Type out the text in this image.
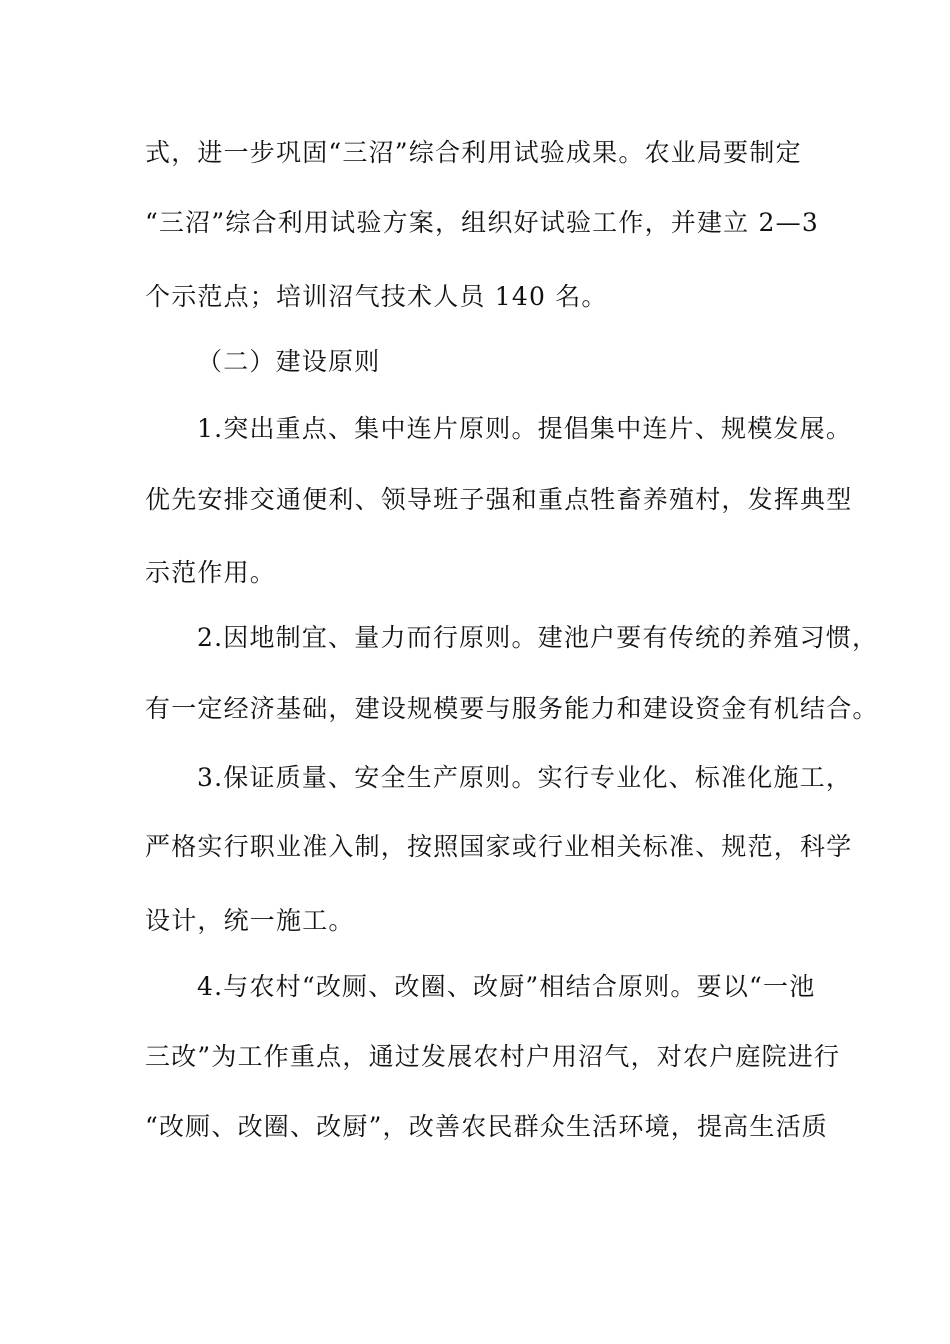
式，进一步巩固“三沼”综合利用试验成果。农业局要制定
“三沼”综合利用试验方案，组织好试验工作，并建立 2—3
个示范点；培训沼气技术人员 140 名。
（二）建设原则
1.突出重点、集中连片原则。提倡集中连片、规模发展。
优先安排交通便利、领导班子强和重点牲畜养殖村，发挥典型
示范作用。
2.因地制宜、量力而行原则。建池户要有传统的养殖习惯，
有一定经济基础，建设规模要与服务能力和建设资金有机结合。
3.保证质量、安全生产原则。实行专业化、标准化施工，
严格实行职业准入制，按照国家或行业相关标准、规范，科学
设计，统一施工。
4.与农村“改厕、改圈、改厨”相结合原则。要以“一池
三改”为工作重点，通过发展农村户用沼气，对农户庭院进行
“改厕、改圈、改厨”，改善农民群众生活环境，提高生活质
